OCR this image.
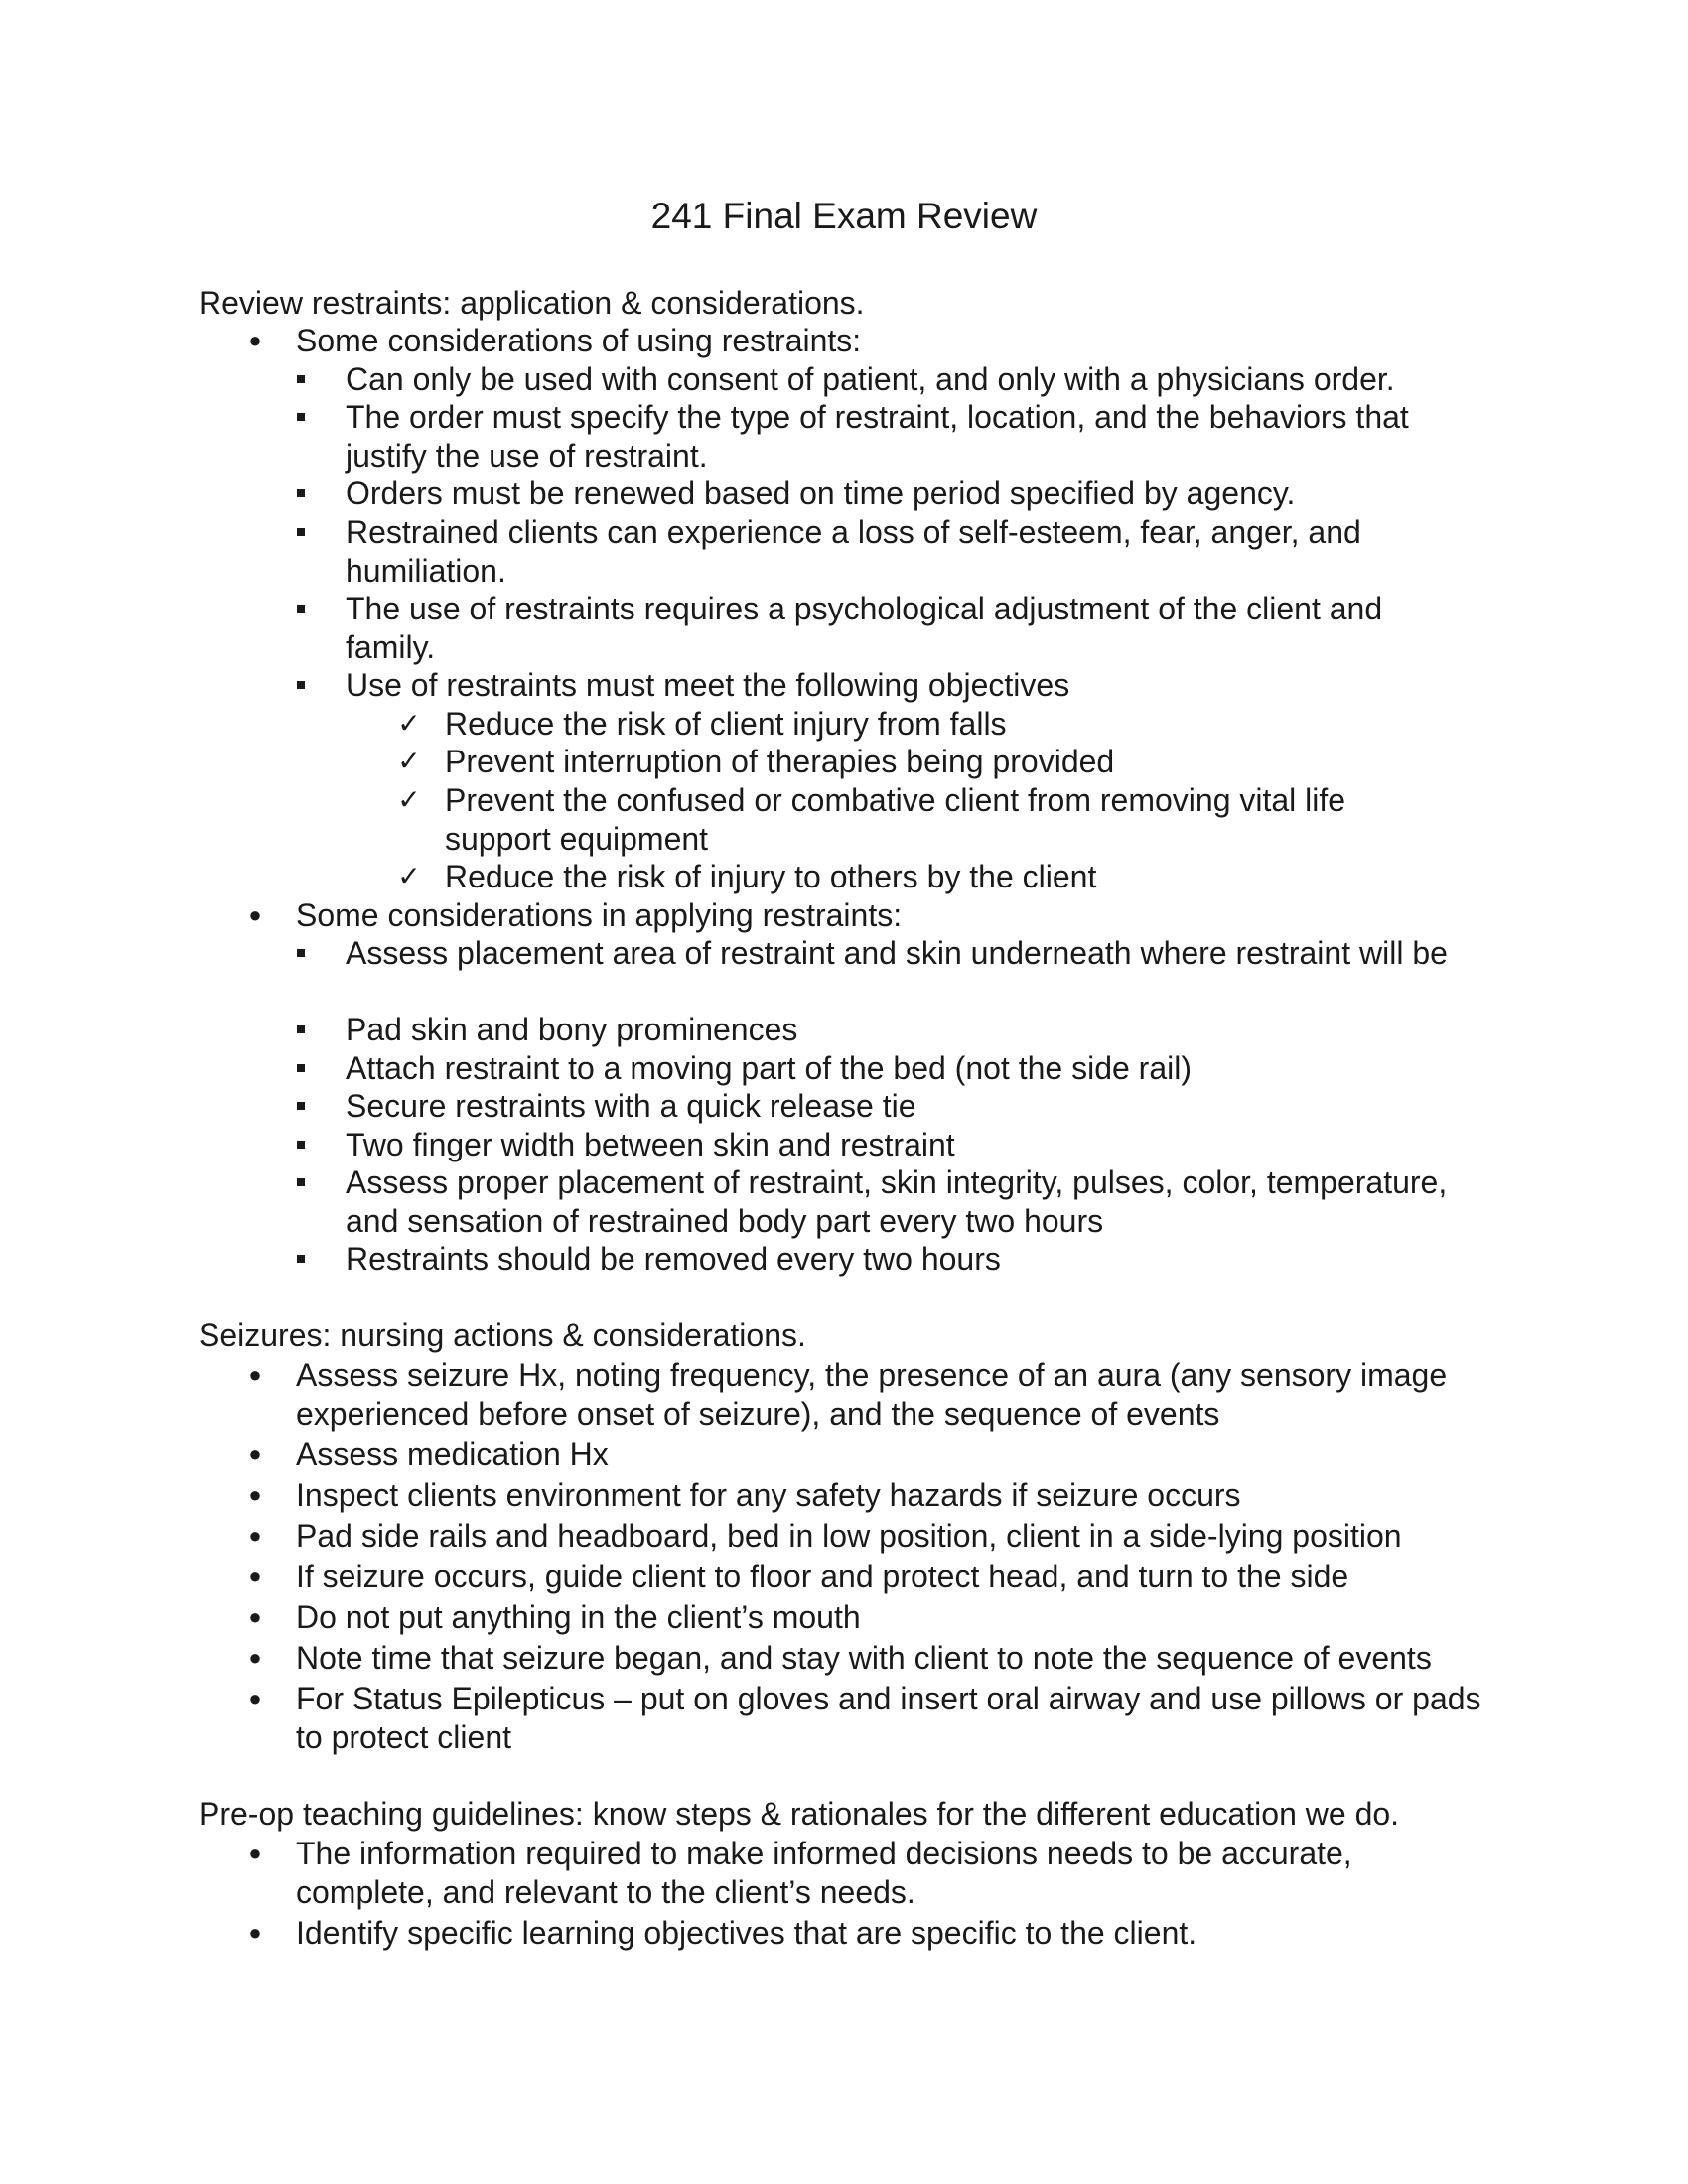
241 Final Exam Review
Review restraints: application & considerations.
● Some considerations of using restraints:
Can only be used with consent of patient, and only with a physicians order.
The order must specify the type of restraint, location, and the behaviors that justify the use of restraint.
Orders must be renewed based on time period specified by agency.
Restrained clients can experience a loss of self-esteem, fear, anger, and humiliation.
The use of restraints requires a psychological adjustment of the client and family.
Use of restraints must meet the following objectives
✓ Reduce the risk of client injury from falls
✓ Prevent interruption of therapies being provided
✓ Prevent the confused or combative client from removing vital life support equipment
✓ Reduce the risk of injury to others by the client
● Some considerations in applying restraints:
Assess placement area of restraint and skin underneath where restraint will be
Pad skin and bony prominences
Attach restraint to a moving part of the bed (not the side rail)
Secure restraints with a quick release tie
Two finger width between skin and restraint
Assess proper placement of restraint, skin integrity, pulses, color, temperature, and sensation of restrained body part every two hours
Restraints should be removed every two hours
Seizures: nursing actions & considerations.
● Assess seizure Hx, noting frequency, the presence of an aura (any sensory image experienced before onset of seizure), and the sequence of events
● Assess medication Hx
● Inspect clients environment for any safety hazards if seizure occurs
● Pad side rails and headboard, bed in low position, client in a side-lying position
● If seizure occurs, guide client to floor and protect head, and turn to the side
● Do not put anything in the client’s mouth
● Note time that seizure began, and stay with client to note the sequence of events
● For Status Epilepticus – put on gloves and insert oral airway and use pillows or pads to protect client
Pre-op teaching guidelines: know steps & rationales for the different education we do.
● The information required to make informed decisions needs to be accurate, complete, and relevant to the client’s needs.
● Identify specific learning objectives that are specific to the client.
